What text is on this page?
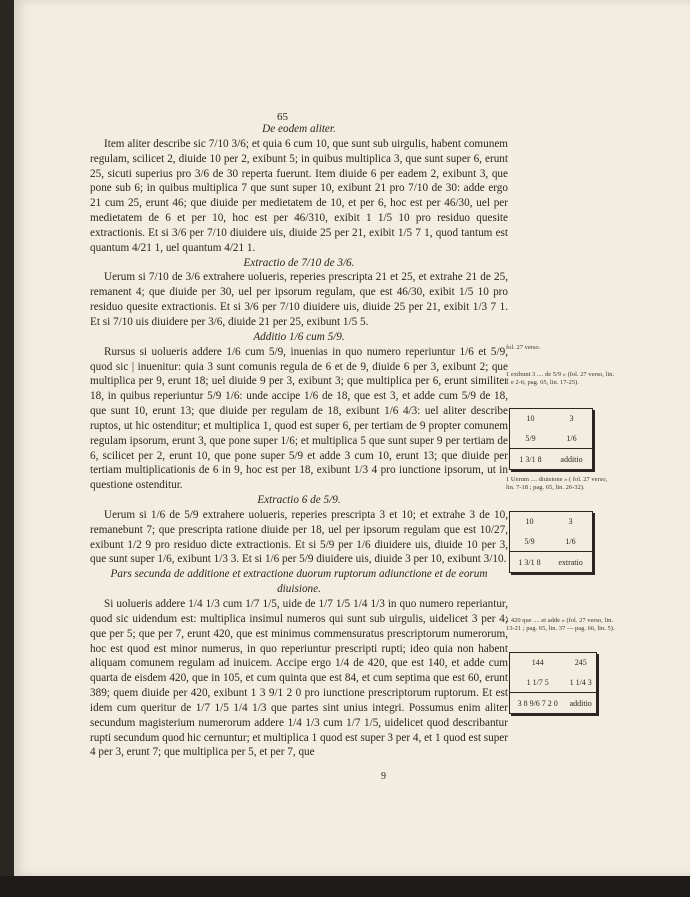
65

De eodem aliter.

Item aliter describe sic 7/10 3/6; et quia 6 cum 10, que sunt sub uirgulis, habent comunem regulam, scilicet 2, diuide 10 per 2, exibunt 5; in quibus multiplica 3, que sunt super 6, erunt 25, sicuti superius pro 3/6 de 30 reperta fuerunt. Item diuide 6 per eadem 2, exibunt 3, que pone sub 6; in quibus multiplica 7 que sunt super 10, exibunt 21 pro 7/10 de 30: adde ergo 21 cum 25, erunt 46; que diuide per medietatem de 10, et per 6, hoc est per 46/30, uel per medietatem de 6 et per 10, hoc est per 46/310, exibit 1 1/5 10 pro residuo quesite extractionis. Et si 3/6 per 7/10 diuidere uis, diuide 25 per 21, exibit 1/5 7 1, quod tantum est quantum 4/21 1, uel quantum 4/21 1.

Extractio de 7/10 de 3/6.

Uerum si 7/10 de 3/6 extrahere uolueris, reperies prescripta 21 et 25, et extrahe 21 de 25, remanent 4; que diuide per 30, uel per ipsorum regulam, que est 46/30, exibit 1/5 10 pro residuo quesite extractionis. Et si 3/6 per 7/10 diuidere uis, diuide 25 per 21, exibit 1/3 7 1. Et si 7/10 uis diuidere per 3/6, diuide 21 per 25, exibunt 1/5 5.

Additio 1/6 cum 5/9.

Rursus si uolueris addere 1/6 cum 5/9, inuenias in quo numero reperiuntur 1/6 et 5/9, quod sic | inuenitur: quia 3 sunt comunis regula de 6 et de 9, diuide 6 per 3, exibunt 2; que multiplica per 9, erunt 18; uel diuide 9 per 3, exibunt 3; que multiplica per 6, erunt similiter 18, in quibus reperiuntur 5/9 1/6: unde accipe 1/6 de 18, que est 3, et adde cum 5/9 de 18, que sunt 10, erunt 13; que diuide per regulam de 18, exibunt 1/6 4/3: uel aliter describe ruptos, ut hic ostenditur; et multiplica 1, quod est super 6, per tertiam de 9 propter comunem regulam ipsorum, erunt 3, que pone super 1/6; et multiplica 5 que sunt super 9 per tertiam de 6, scilicet per 2, erunt 10, que pone super 5/9 et adde 3 cum 10, erunt 13; que diuide per tertiam multiplicationis de 6 in 9, hoc est per 18, exibunt 1/3 4 pro iunctione ipsorum, ut in questione ostenditur.

Extractio 6 de 5/9.

Uerum si 1/6 de 5/9 extrahere uolueris, reperies prescripta 3 et 10; et extrahe 3 de 10, remanebunt 7; que prescripta ratione diuide per 18, uel per ipsorum regulam que est 10/27, exibunt 1/2 9 pro residuo dicte extractionis. Et si 5/9 per 1/6 diuidere uis, diuide 10 per 3, que sunt super 1/6, exibunt 1/3 3. Et si 1/6 per 5/9 diuidere uis, diuide 3 per 10, exibunt 3/10.

Pars secunda de additione et extractione duorum ruptorum adiunctione et de eorum diuisione.

Si uolueris addere 1/4 1/3 cum 1/7 1/5, uide de 1/7 1/5 1/4 1/3 in quo numero reperiantur, quod sic uidendum est: multiplica insimul numeros qui sunt sub uirgulis, uidelicet 3 per 4; que per 5; que per 7, erunt 420, que est minimus commensuratus prescriptorum numerorum, hoc est quod est minor numerus, in quo reperiuntur prescripti rupti; ideo quia non habent aliquam comunem regulam ad inuicem. Accipe ergo 1/4 de 420, que est 140, et adde cum quarta de eisdem 420, que in 105, et cum quinta que est 84, et cum septima que est 60, erunt 389; quem diuide per 420, exibunt 1 3 9/1 2 0 pro iunctione prescriptorum ruptorum. Et est idem cum queritur de 1/7 1/5 1/4 1/3 que partes sint unius integri. Possumus enim aliter secundum magisterium numerorum addere 1/4 1/3 cum 1/7 1/5, uidelicet quod describantur rupti secundum quod hic cernuntur; et multiplica 1 quod est super 3 per 4, et 1 quod est super 4 per 3, erunt 7; que multiplica per 5, et per 7, que

fol. 27 verso.
1 exibunt 3 .... de 5/9 » (fol. 27 verso, lin. 1 e 2-6; pag. 65, lin. 17-25).
10	3
5/9	1/6
1 3/1 8	additio
1 Uerum .... diuisione » ( fol. 27 verso, lin. 7-18 ; pag. 65, lin. 26-32).
10	3
5/9	1/6
1 3/1 8	extratio
1 420 que .... et adde » (fol. 27 verso, lin. 13-21 ; pag. 65, lin. 37 — pag. 66, lin. 5).
144	245
1 1/7 5	1 1/4 3
3 8 9/6 7 2 0	additio
9
